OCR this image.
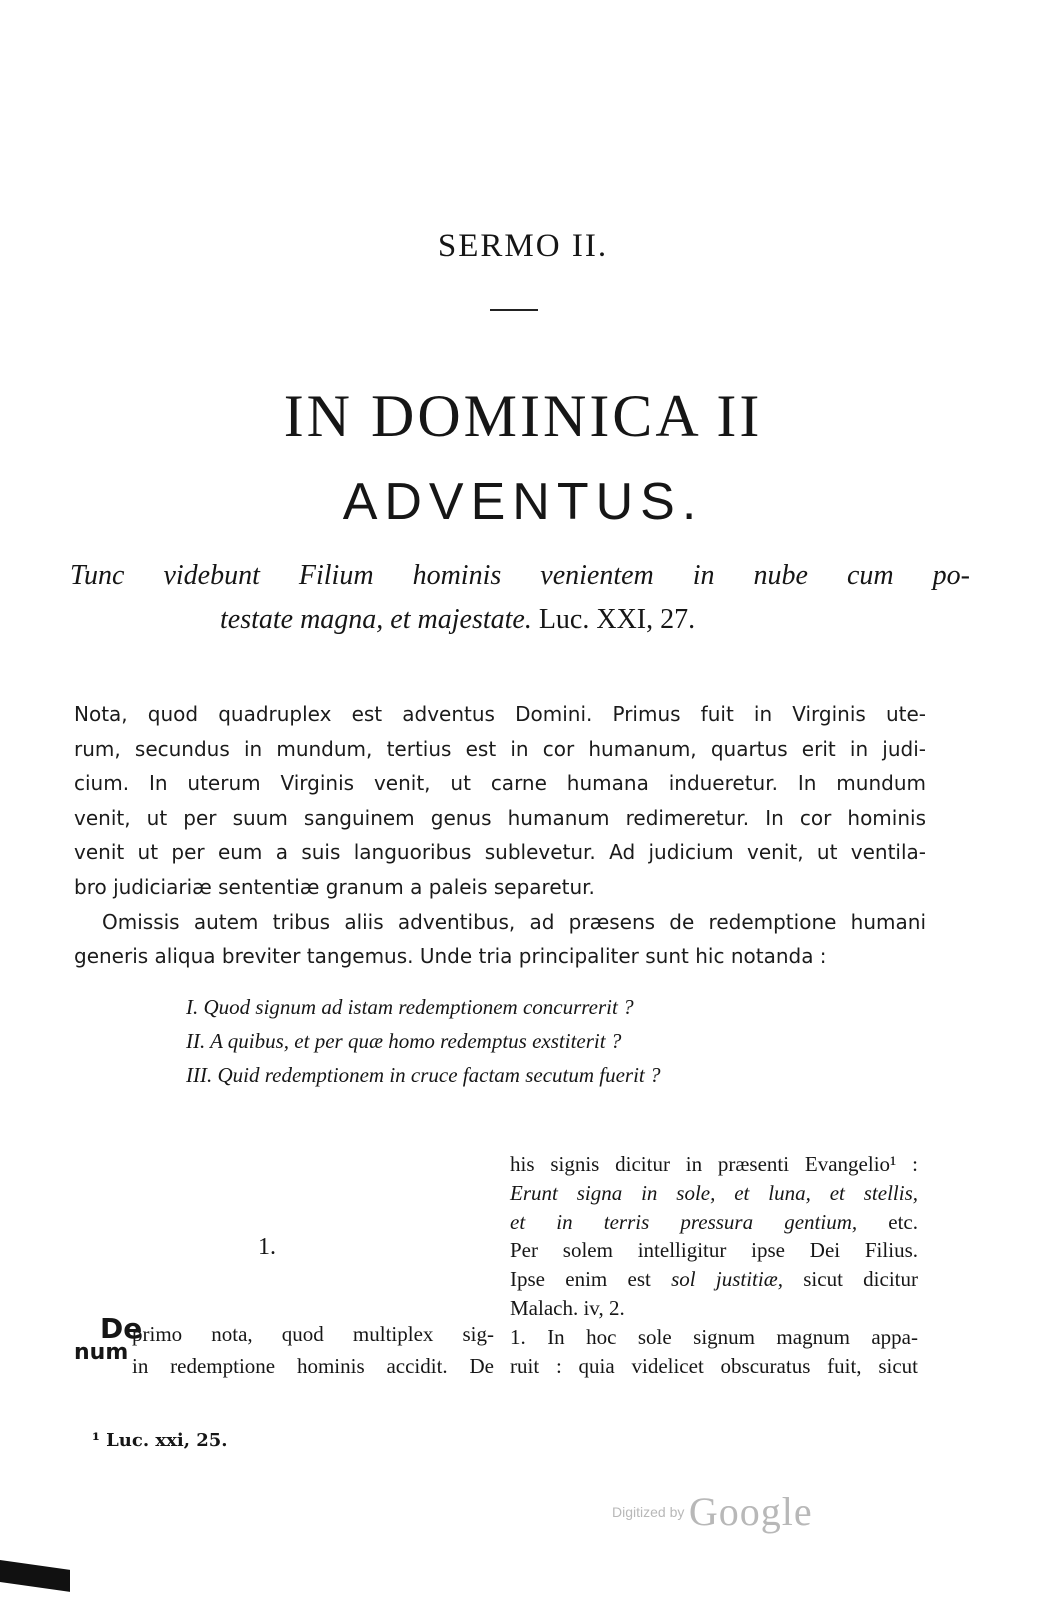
SERMO II.
IN DOMINICA II
ADVENTUS.
Tunc videbunt Filium hominis venientem in nube cum po-
testate magna, et majestate. Luc. XXI, 27.

Nota, quod quadruplex est adventus Domini. Primus fuit in Virginis ute-
rum, secundus in mundum, tertius est in cor humanum, quartus erit in judi-
cium. In uterum Virginis venit, ut carne humana indueretur. In mundum
venit, ut per suum sanguinem genus humanum redimeretur. In cor hominis
venit ut per eum a suis languoribus sublevetur. Ad judicium venit, ut ventila-
bro judiciariæ sententiæ granum a paleis separetur.

Omissis autem tribus aliis adventibus, ad præsens de redemptione humani
generis aliqua breviter tangemus. Unde tria principaliter sunt hic notanda :

I. Quod signum ad istam redemptionem concurrerit ?
II. A quibus, et per quæ homo redemptus exstiterit ?
III. Quid redemptionem in cruce factam secutum fuerit ?
1.
De
num
primo nota, quod multiplex sig-
in redemptione hominis accidit. De
his signis dicitur in præsenti Evangelio¹ :
Erunt signa in sole, et luna, et stellis,
et in terris pressura gentium, etc.
Per solem intelligitur ipse Dei Filius.
Ipse enim est sol justitiæ, sicut dicitur
Malach. iv, 2.
1. In hoc sole signum magnum appa-
ruit : quia videlicet obscuratus fuit, sicut
¹ Luc. xxi, 25.
Digitized by Google
